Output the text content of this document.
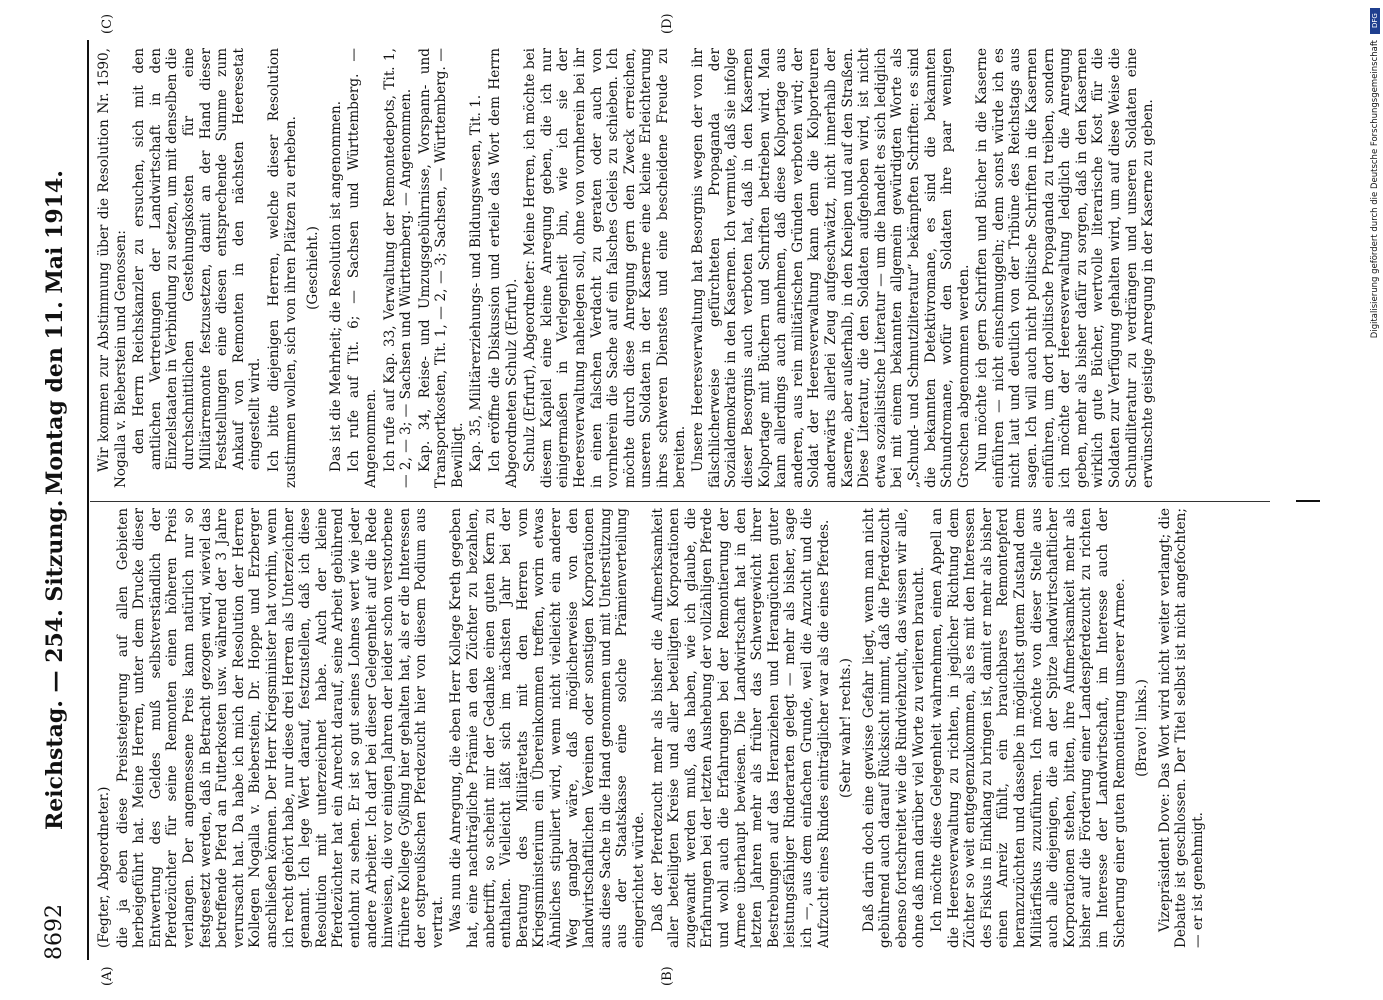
8692
Reichstag. — 254. Sitzung.
Montag den 11. Mai 1914.
(A)	(B)
(C)	(D)

(Fegter, Abgeordneter.) die ja eben diese Preissteigerung auf allen Gebieten herbeigeführt hat. Meine Herren, unter dem Drucke dieser Entwertung des Geldes muß selbstverständlich der Pferdezüchter für seine Remonten einen höheren Preis verlangen. Der angemessene Preis kann natürlich nur so festgesetzt werden, daß in Betracht gezogen wird, wieviel das betreffende Pferd an Futterkosten usw. während der 3 Jahre verursacht hat. Da habe ich mich der Resolution der Herren Kollegen Nogalla v. Bieberstein, Dr. Hoppe und Erzberger anschließen können. Der Herr Kriegsminister hat vorhin, wenn ich recht gehört habe, nur diese drei Herren als Unterzeichner genannt. Ich lege Wert darauf, festzustellen, daß ich diese Resolution mit unterzeichnet habe. Auch der kleine Pferdezüchter hat ein Anrecht darauf, seine Arbeit gebührend entlohnt zu sehen. Er ist so gut seines Lohnes wert wie jeder andere Arbeiter. Ich darf bei dieser Gelegenheit auf die Rede hinweisen, die vor einigen Jahren der leider schon verstorbene frühere Kollege Gyßling hier gehalten hat, als er die Interessen der ostpreußischen Pferdezucht hier von diesem Podium aus vertrat. Was nun die Anregung, die eben Herr Kollege Kreth gegeben hat, eine nachträgliche Prämie an den Züchter zu bezahlen, anbetrifft, so scheint mir der Gedanke einen guten Kern zu enthalten. Vielleicht läßt sich im nächsten Jahr bei der Beratung des Militäretats mit den Herren vom Kriegsministerium ein Übereinkommen treffen, worin etwas Ähnliches stipuliert wird, wenn nicht vielleicht ein anderer Weg gangbar wäre, daß möglicherweise von den landwirtschaftlichen Vereinen oder sonstigen Korporationen aus diese Sache in die Hand genommen und mit Unterstützung aus der Staatskasse eine solche Prämienverteilung eingerichtet würde. Daß der Pferdezucht mehr als bisher die Aufmerksamkeit aller beteiligten Kreise und aller beteiligten Korporationen zugewandt werden muß, das haben, wie ich glaube, die Erfahrungen bei der letzten Aushebung der vollzähligen Pferde und wohl auch die Erfahrungen bei der Remontierung der Armee überhaupt bewiesen. Die Landwirtschaft hat in den letzten Jahren mehr als früher das Schwergewicht ihrer Bestrebungen auf das Heranziehen und Herangüchten guter leistungsfähiger Rinderarten gelegt — mehr als bisher, sage ich —, aus dem einfachen Grunde, weil die Anzucht und die Aufzucht eines Rindes einträglicher war als die eines Pferdes. (Sehr wahr! rechts.) Daß darin doch eine gewisse Gefahr liegt, wenn man nicht gebührend auch darauf Rücksicht nimmt, daß die Pferdezucht ebenso fortschreitet wie die Rindviehzucht, das wissen wir alle, ohne daß man darüber viel Worte zu verlieren braucht. Ich möchte diese Gelegenheit wahrnehmen, einen Appell an die Heeresverwaltung zu richten, in jeglicher Richtung dem Züchter so weit entgegenzukommen, als es mit den Interessen des Fiskus in Einklang zu bringen ist, damit er mehr als bisher einen Anreiz fühlt, ein brauchbares Remontepferd heranzuzüchten und dasselbe in möglichst gutem Zustand dem Militärfiskus zuzuführen. Ich möchte von dieser Stelle aus auch alle diejenigen, die an der Spitze landwirtschaftlicher Korporationen stehen, bitten, ihre Aufmerksamkeit mehr als bisher auf die Förderung einer Landespferdezucht zu richten im Interesse der Landwirtschaft, im Interesse auch der Sicherung einer guten Remontierung unserer Armee. (Bravo! links.) Vizepräsident Dove: Das Wort wird nicht weiter verlangt; die Debatte ist geschlossen. Der Titel selbst ist nicht angefochten; — er ist genehmigt.

Wir kommen zur Abstimmung über die Resolution Nr. 1590, Nogalla v. Bieberstein und Genossen: den Herrn Reichskanzler zu ersuchen, sich mit den amtlichen Vertretungen der Landwirtschaft in den Einzelstaaten in Verbindung zu setzen, um mit denselben die durchschnittlichen Gestehungskosten für eine Militärremonte festzusetzen, damit an der Hand dieser Feststellungen eine diesen entsprechende Summe zum Ankauf von Remonten in den nächsten Heeresetat eingestellt wird. Ich bitte diejenigen Herren, welche dieser Resolution zustimmen wollen, sich von ihren Plätzen zu erheben. (Geschieht.) Das ist die Mehrheit; die Resolution ist angenommen. Ich rufe auf Tit. 6; — Sachsen und Württemberg. — Angenommen. Ich rufe auf Kap. 33, Verwaltung der Remontedepots, Tit. 1, — 2, — 3; — Sachsen und Württemberg. — Angenommen. Kap. 34, Reise- und Umzugsgebührnisse, Vorspann- und Transportkosten, Tit. 1, — 2, — 3; Sachsen, — Württemberg. — Bewilligt. Kap. 35, Militärerziehungs- und Bildungswesen, Tit. 1. Ich eröffne die Diskussion und erteile das Wort dem Herrn Abgeordneten Schulz (Erfurt). Schulz (Erfurt), Abgeordneter: Meine Herren, ich möchte bei diesem Kapitel eine kleine Anregung geben, die ich nur einigermaßen in Verlegenheit bin, wie ich sie der Heeresverwaltung nahelegen soll, ohne von vornherein bei ihr in einen falschen Verdacht zu geraten oder auch von vornherein die Sache auf ein falsches Geleis zu schieben. Ich möchte durch diese Anregung gern den Zweck erreichen, unseren Soldaten in der Kaserne eine kleine Erleichterung ihres schweren Dienstes und eine bescheidene Freude zu bereiten. Unsere Heeresverwaltung hat Besorgnis wegen der von ihr fälschlicherweise gefürchteten Propaganda der Sozialdemokratie in den Kasernen. Ich vermute, daß sie infolge dieser Besorgnis auch verboten hat, daß in den Kasernen Kolportage mit Büchern und Schriften betrieben wird. Man kann allerdings auch annehmen, daß diese Kolportage aus anderen, aus rein militärischen Gründen verboten wird; der Soldat der Heeresverwaltung kann denn die Kolporteuren anderwärts allerlei Zeug aufgeschwätzt, nicht innerhalb der Kaserne, aber außerhalb, in den Kneipen und auf den Straßen. Diese Literatur, die den Soldaten aufgehoben wird, ist nicht etwa sozialistische Literatur — um die handelt es sich lediglich bei mit einem bekannten allgemein gewürdigten Worte als „Schund- und Schmutzliteratur“ bekämpften Schriften: es sind die bekannten Detektivromane, es sind die bekannten Schundromane, wofür den Soldaten ihre paar wenigen Groschen abgenommen werden. Nun möchte ich gern Schriften und Bücher in die Kaserne einführen — nicht einschmuggeln; denn sonst würde ich es nicht laut und deutlich von der Tribüne des Reichstags aus sagen. Ich will auch nicht politische Schriften in die Kasernen einführen, um dort politische Propaganda zu treiben, sondern ich möchte der Heeresverwaltung lediglich die Anregung geben, mehr als bisher dafür zu sorgen, daß in den Kasernen wirklich gute Bücher, wertvolle literarische Kost für die Soldaten zur Verfügung gehalten wird, um auf diese Weise die Schundliteratur zu verdrängen und unseren Soldaten eine erwünschte geistige Anregung in der Kaserne zu geben.

DFG
Digitalisierung gefördert durch die Deutsche Forschungsgemeinschaft
